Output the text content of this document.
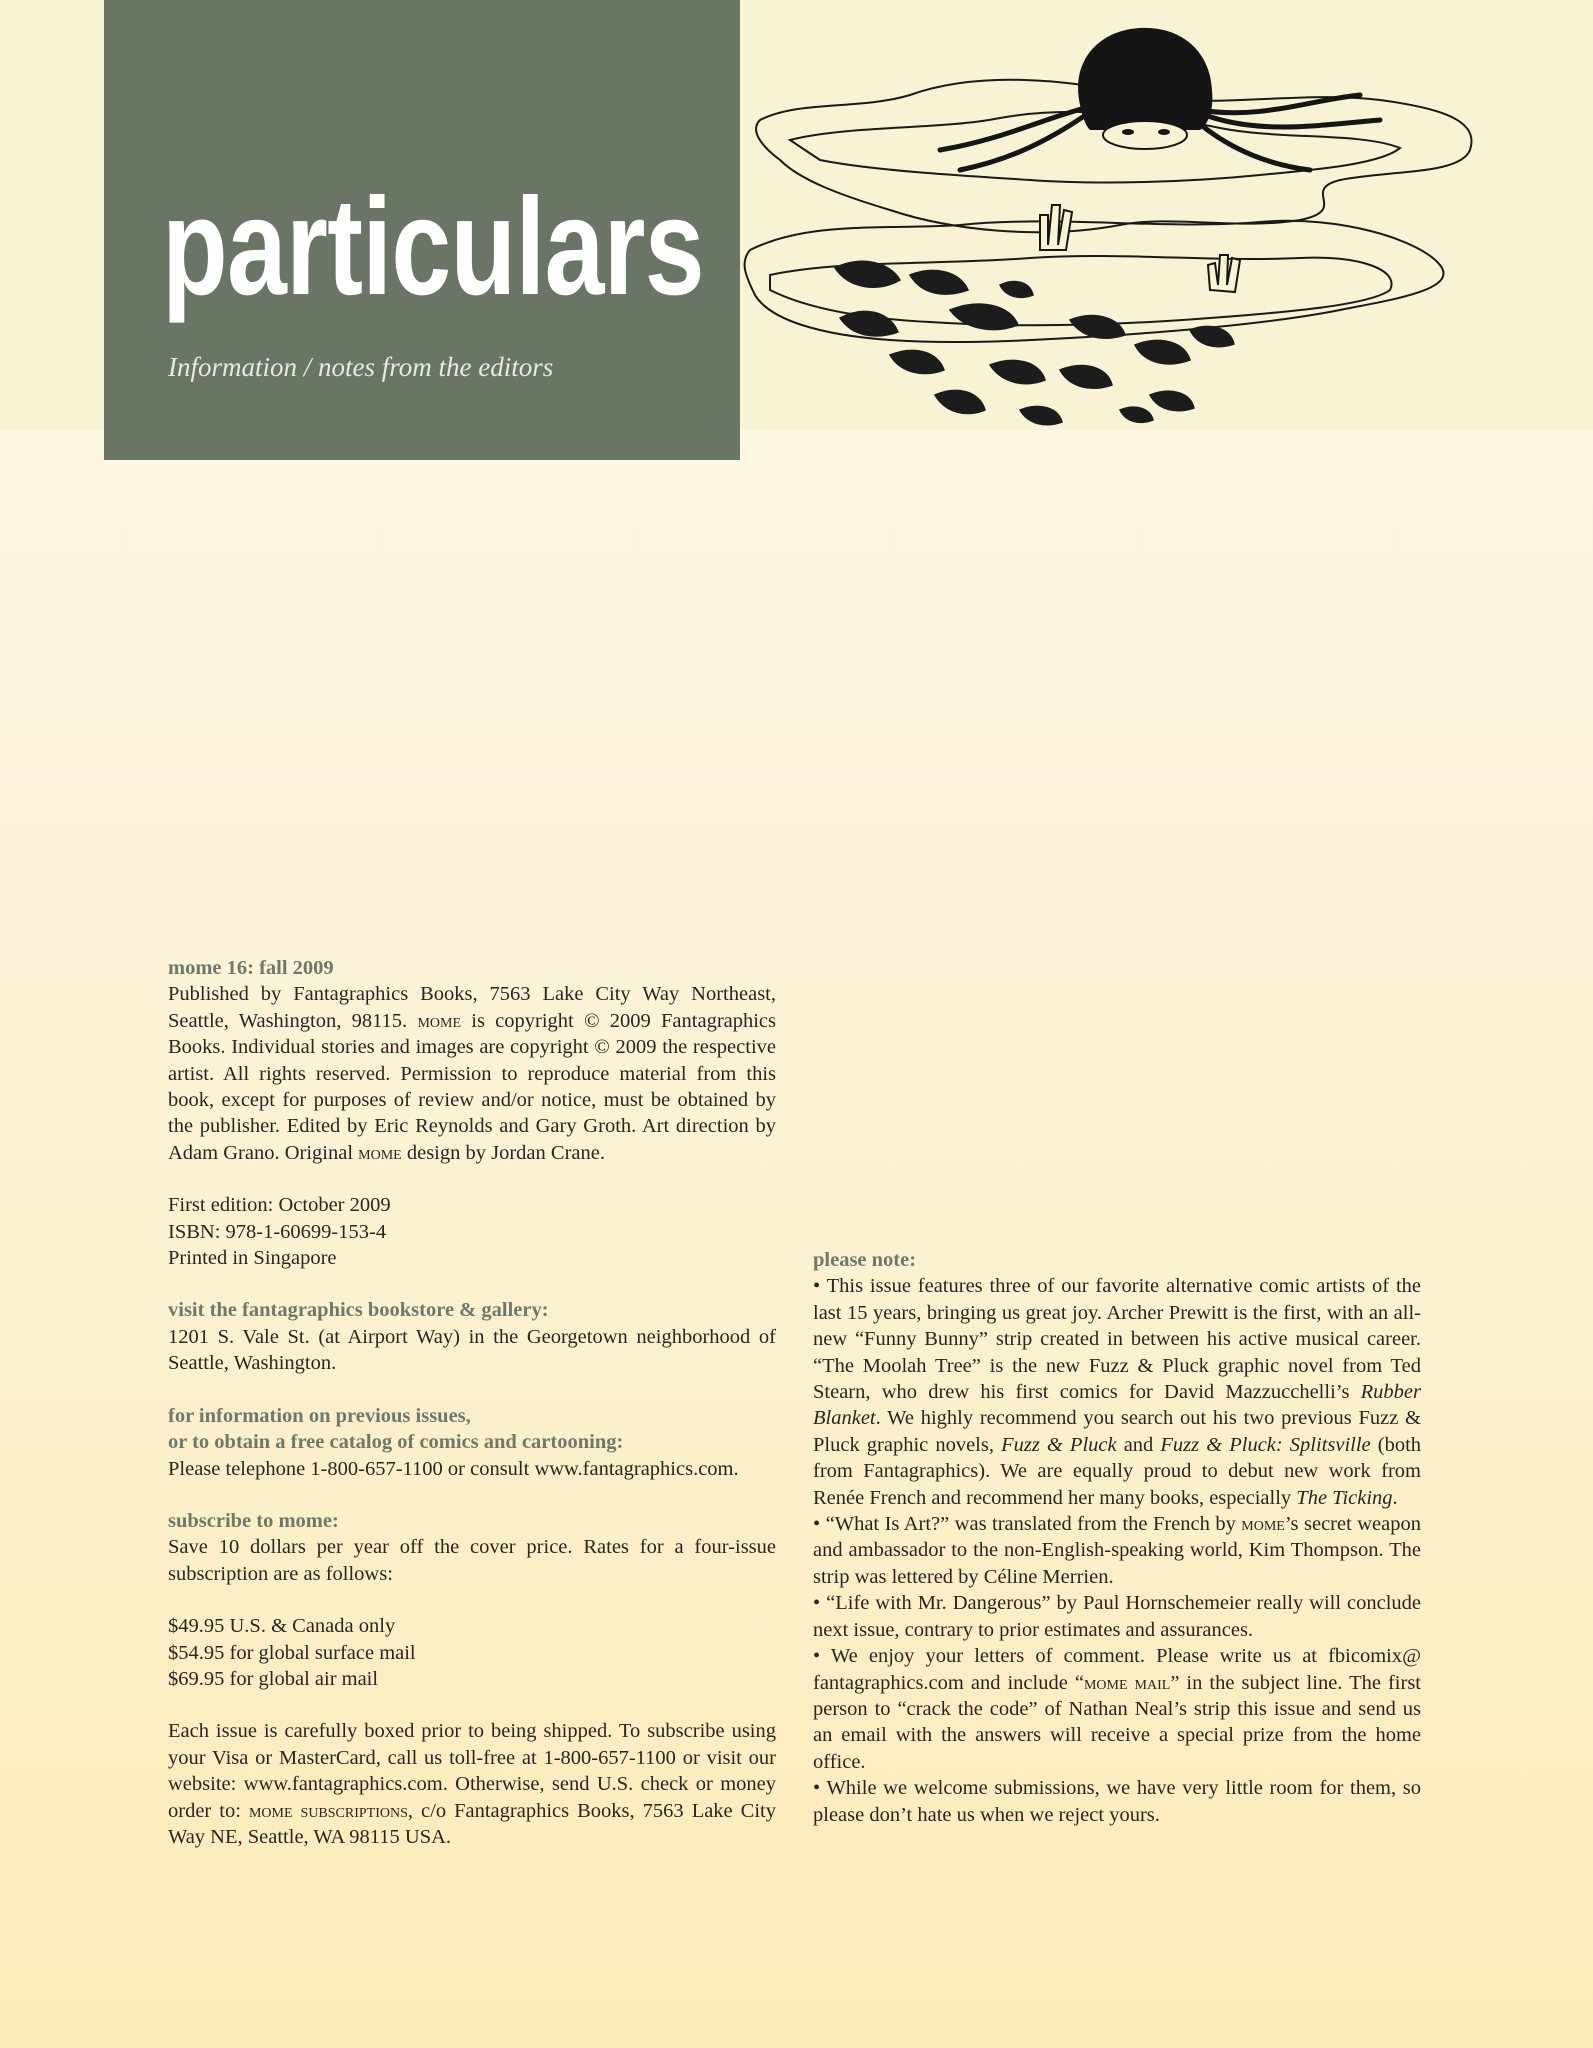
particulars
Information / notes from the editors
mome 16: fall 2009
Published by Fantagraphics Books, 7563 Lake City Way Northeast, Seattle, Washington, 98115. mome is copyright © 2009 Fantagraphics Books. Individual stories and images are copyright © 2009 the respective artist. All rights reserved. Permission to reproduce material from this book, except for purposes of review and/or notice, must be obtained by the publisher. Edited by Eric Reynolds and Gary Groth. Art direction by Adam Grano. Original mome design by Jordan Crane.
First edition: October 2009
ISBN: 978-1-60699-153-4
Printed in Singapore
visit the fantagraphics bookstore & gallery:
1201 S. Vale St. (at Airport Way) in the Georgetown neighborhood of Seattle, Washington.
for information on previous issues,
or to obtain a free catalog of comics and cartooning:
Please telephone 1-800-657-1100 or consult www.fantagraphics.com.
subscribe to mome:
Save 10 dollars per year off the cover price. Rates for a four-issue subscription are as follows:
$49.95 U.S. & Canada only
$54.95 for global surface mail
$69.95 for global air mail
Each issue is carefully boxed prior to being shipped. To subscribe using your Visa or MasterCard, call us toll-free at 1-800-657-1100 or visit our website: www.fantagraphics.com. Otherwise, send U.S. check or money order to: mome subscriptions, c/o Fantagraphics Books, 7563 Lake City Way NE, Seattle, WA 98115 USA.
please note:
• This issue features three of our favorite alternative comic artists of the last 15 years, bringing us great joy. Archer Prewitt is the first, with an all-new “Funny Bunny” strip created in between his active musical career. “The Moolah Tree” is the new Fuzz & Pluck graphic novel from Ted Stearn, who drew his first comics for David Mazzucchelli’s Rubber Blanket. We highly recommend you search out his two previous Fuzz & Pluck graphic novels, Fuzz & Pluck and Fuzz & Pluck: Splitsville (both from Fantagraphics). We are equally proud to debut new work from Renée French and recommend her many books, especially The Ticking.
• “What Is Art?” was translated from the French by mome’s secret weapon and ambassador to the non-English-speaking world, Kim Thompson. The strip was lettered by Céline Merrien.
• “Life with Mr. Dangerous” by Paul Hornschemeier really will conclude next issue, contrary to prior estimates and assurances.
• We enjoy your letters of comment. Please write us at fbicomix@ fantagraphics.com and include “mome mail” in the subject line. The first person to “crack the code” of Nathan Neal’s strip this issue and send us an email with the answers will receive a special prize from the home office.
• While we welcome submissions, we have very little room for them, so please don’t hate us when we reject yours.
